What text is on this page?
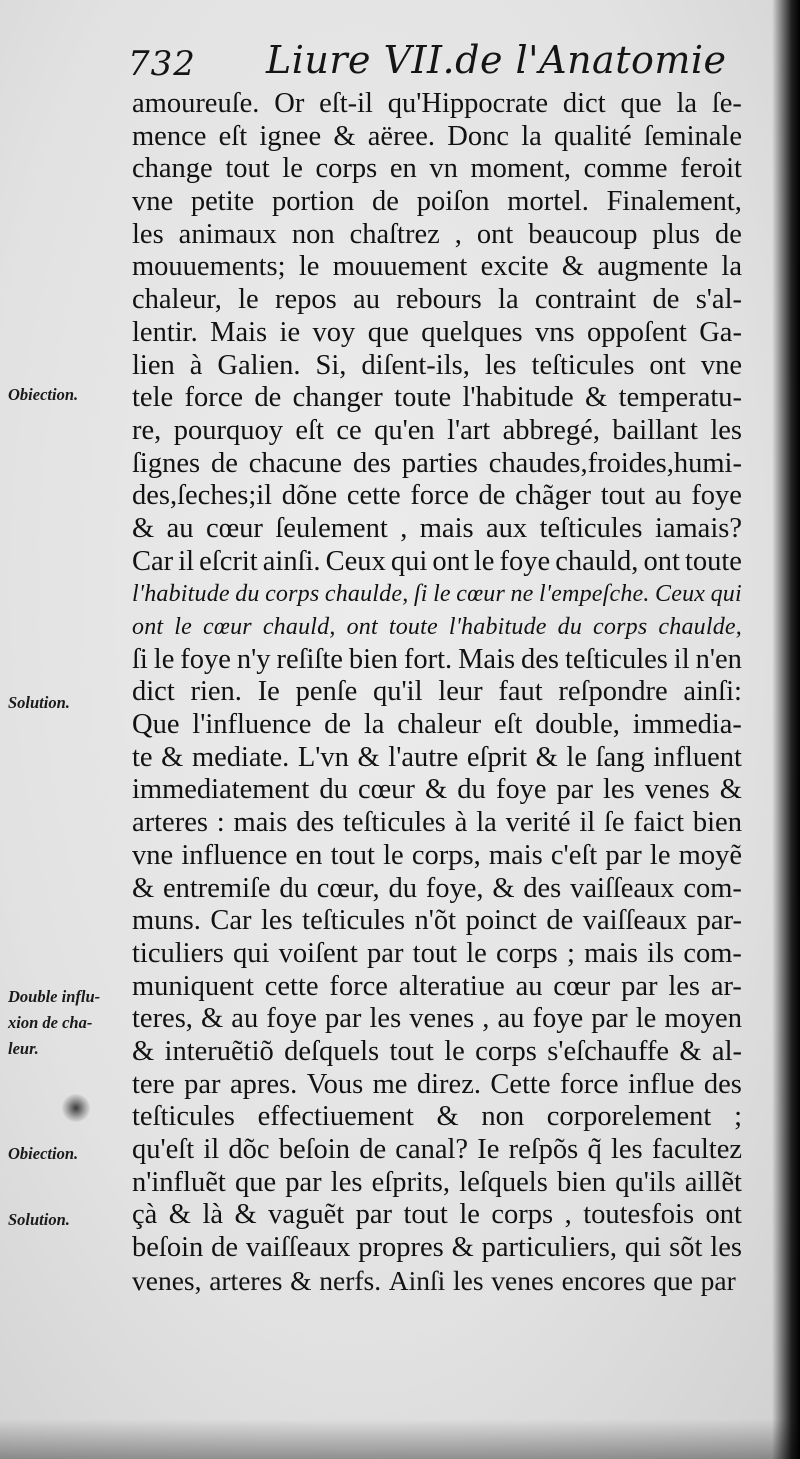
732 Liure VII.de l'Anatomie
Obiection.
Solution.
Double influ-
xion de cha-
leur.
Obiection.
Solution.
amoureuſe. Or eſt-il qu'Hippocrate dict que la ſe-
mence eſt ignee & aëree. Donc la qualité ſeminale
change tout le corps en vn moment, comme feroit
vne petite portion de poiſon mortel. Finalement,
les animaux non chaſtrez , ont beaucoup plus de
mouuements; le mouuement excite & augmente la
chaleur, le repos au rebours la contraint de s'al-
lentir. Mais ie voy que quelques vns oppoſent Ga-
lien à Galien. Si, diſent-ils, les teſticules ont vne
tele force de changer toute l'habitude & temperatu-
re, pourquoy eſt ce qu'en l'art abbregé, baillant les
ſignes de chacune des parties chaudes,froides,humi-
des,ſeches;il dõne cette force de chãger tout au foye
& au cœur ſeulement , mais aux teſticules iamais?
Car il eſcrit ainſi. Ceux qui ont le foye chauld, ont toute
l'habitude du corps chaulde, ſi le cœur ne l'empeſche. Ceux qui
ont le cœur chauld, ont toute l'habitude du corps chaulde,
ſi le foye n'y reſiſte bien fort. Mais des teſticules il n'en
dict rien. Ie penſe qu'il leur faut reſpondre ainſi:
Que l'influence de la chaleur eſt double, immedia-
te & mediate. L'vn & l'autre eſprit & le ſang influent
immediatement du cœur & du foye par les venes &
arteres : mais des teſticules à la verité il ſe faict bien
vne influence en tout le corps, mais c'eſt par le moyẽ
& entremiſe du cœur, du foye, & des vaiſſeaux com-
muns. Car les teſticules n'õt poinct de vaiſſeaux par-
ticuliers qui voiſent par tout le corps ; mais ils com-
muniquent cette force alteratiue au cœur par les ar-
teres, & au foye par les venes , au foye par le moyen
& interuẽtiõ deſquels tout le corps s'eſchauffe & al-
tere par apres. Vous me direz. Cette force influe des
teſticules effectiuement & non corporelement ;
qu'eſt il dõc beſoin de canal? Ie reſpõs q̃ les facultez
n'influẽt que par les eſprits, leſquels bien qu'ils aillẽt
çà & là & vaguẽt par tout le corps , toutesfois ont
beſoin de vaiſſeaux propres & particuliers, qui sõt les
venes, arteres & nerfs. Ainſi les venes encores que par
